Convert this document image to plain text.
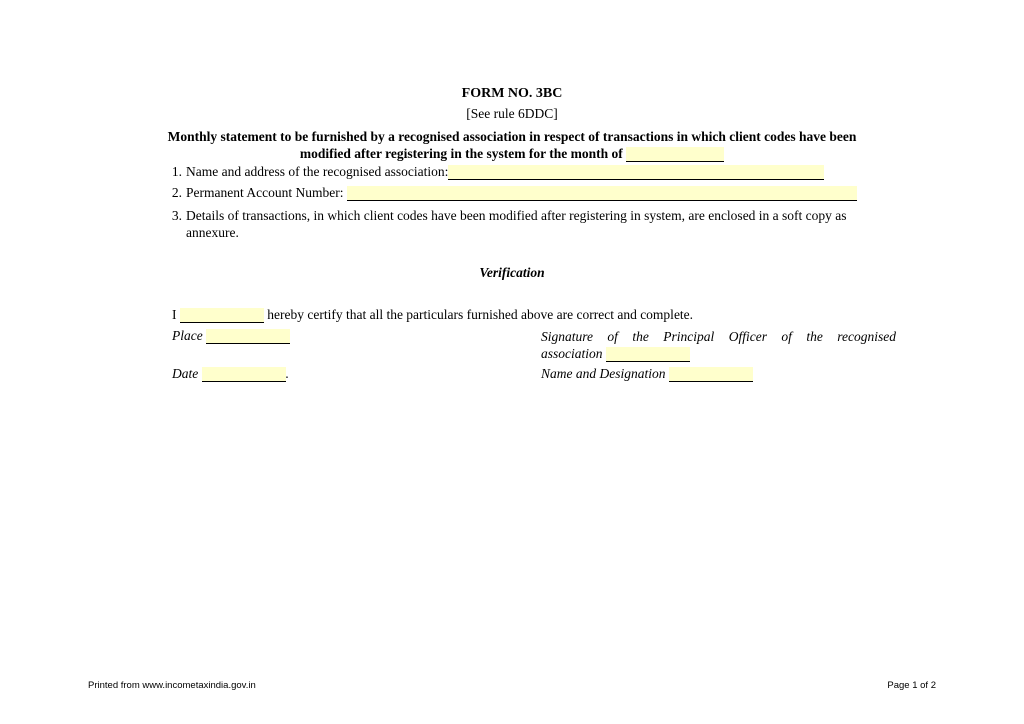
FORM NO. 3BC
[See rule 6DDC]
Monthly statement to be furnished by a recognised association in respect of transactions in which client codes have been
modified after registering in the system for the month of
1. Name and address of the recognised association:
2. Permanent Account Number:
3. Details of transactions, in which client codes have been modified after registering in system, are enclosed in a soft copy as
annexure.
Verification
I	hereby certify that all the particulars furnished above are correct and complete.
Place
Date	.
Signature of the Principal Officer of the recognised
association
Name and Designation
Printed from www.incometaxindia.gov.in	Page 1 of 2
